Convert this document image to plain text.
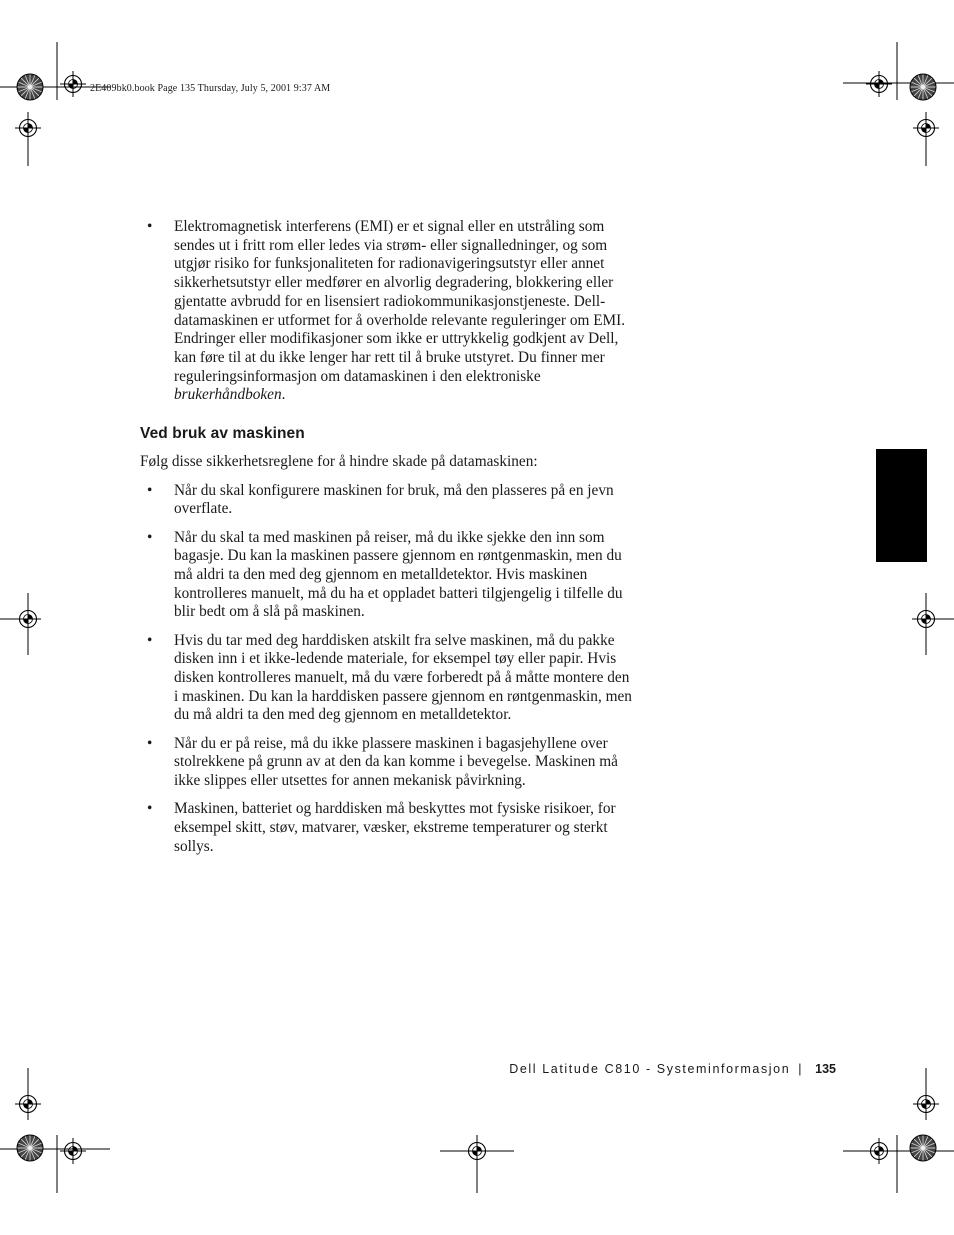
2E409bk0.book Page 135 Thursday, July 5, 2001 9:37 AM
• Elektromagnetisk interferens (EMI) er et signal eller en utstråling som sendes ut i fritt rom eller ledes via strøm- eller signalledninger, og som utgjør risiko for funksjonaliteten for radionavigeringsutstyr eller annet sikkerhetsutstyr eller medfører en alvorlig degradering, blokkering eller gjentatte avbrudd for en lisensiert radiokommunikasjonstjeneste. Dell-datamaskinen er utformet for å overholde relevante reguleringer om EMI. Endringer eller modifikasjoner som ikke er uttrykkelig godkjent av Dell, kan føre til at du ikke lenger har rett til å bruke utstyret. Du finner mer reguleringsinformasjon om datamaskinen i den elektroniske brukerhåndboken.
Ved bruk av maskinen

Følg disse sikkerhetsreglene for å hindre skade på datamaskinen:

• Når du skal konfigurere maskinen for bruk, må den plasseres på en jevn overflate.
• Når du skal ta med maskinen på reiser, må du ikke sjekke den inn som bagasje. Du kan la maskinen passere gjennom en røntgenmaskin, men du må aldri ta den med deg gjennom en metalldetektor. Hvis maskinen kontrolleres manuelt, må du ha et oppladet batteri tilgjengelig i tilfelle du blir bedt om å slå på maskinen.
• Hvis du tar med deg harddisken atskilt fra selve maskinen, må du pakke disken inn i et ikke-ledende materiale, for eksempel tøy eller papir. Hvis disken kontrolleres manuelt, må du være forberedt på å måtte montere den i maskinen. Du kan la harddisken passere gjennom en røntgenmaskin, men du må aldri ta den med deg gjennom en metalldetektor.
• Når du er på reise, må du ikke plassere maskinen i bagasjehyllene over stolrekkene på grunn av at den da kan komme i bevegelse. Maskinen må ikke slippes eller utsettes for annen mekanisk påvirkning.
• Maskinen, batteriet og harddisken må beskyttes mot fysiske risikoer, for eksempel skitt, støv, matvarer, væsker, ekstreme temperaturer og sterkt sollys.
Dell Latitude C810 - Systeminformasjon | 135
